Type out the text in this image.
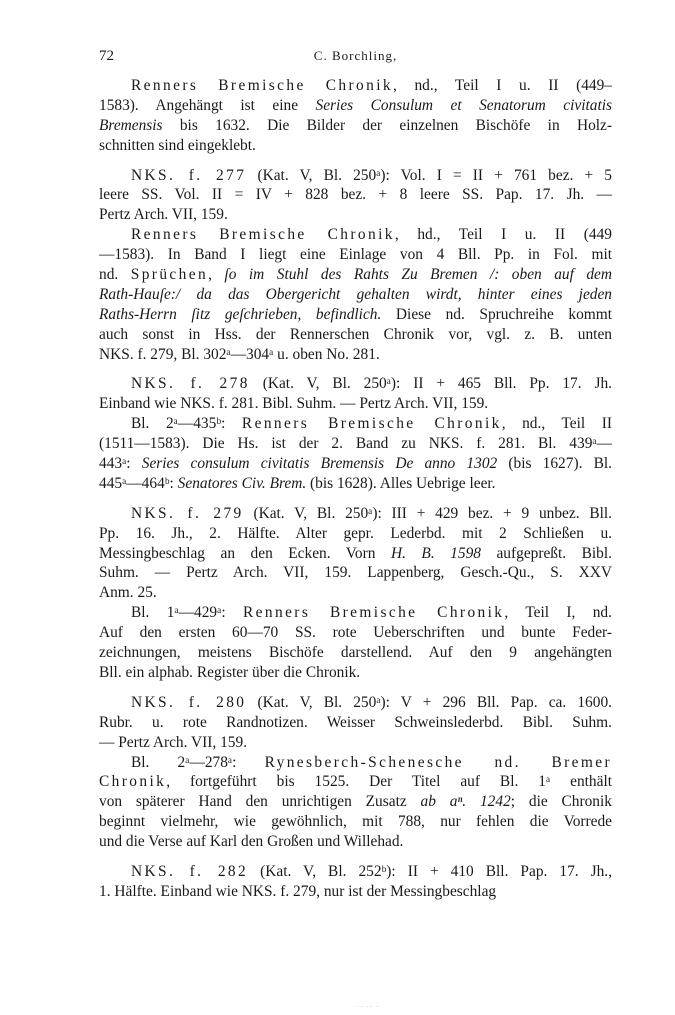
72	C. Borchling,
Renners Bremische Chronik, nd., Teil I u. II (449–
1583). Angehängt ist eine Series Consulum et Senatorum civitatis
Bremensis bis 1632. Die Bilder der einzelnen Bischöfe in Holz-
schnitten sind eingeklebt.
NKS. f. 277 (Kat. V, Bl. 250ᵃ): Vol. I = II + 761 bez. + 5
leere SS. Vol. II = IV + 828 bez. + 8 leere SS. Pap. 17. Jh. —
Pertz Arch. VII, 159.
Renners Bremische Chronik, hd., Teil I u. II (449
—1583). In Band I liegt eine Einlage von 4 Bll. Pp. in Fol. mit
nd. Sprüchen, ſo im Stuhl des Rahts Zu Bremen /: oben auf dem
Rath-Hauſe:/ da das Obergericht gehalten wirdt, hinter eines jeden
Raths-Herrn ſitz geſchrieben, befindlich. Diese nd. Spruchreihe kommt
auch sonst in Hss. der Rennerschen Chronik vor, vgl. z. B. unten
NKS. f. 279, Bl. 302ᵃ—304ᵃ u. oben No. 281.
NKS. f. 278 (Kat. V, Bl. 250ᵃ): II + 465 Bll. Pp. 17. Jh.
Einband wie NKS. f. 281. Bibl. Suhm. — Pertz Arch. VII, 159.
Bl. 2ᵃ—435ᵇ: Renners Bremische Chronik, nd., Teil II
(1511—1583). Die Hs. ist der 2. Band zu NKS. f. 281. Bl. 439ᵃ—
443ᵃ: Series consulum civitatis Bremensis De anno 1302 (bis 1627). Bl.
445ᵃ—464ᵇ: Senatores Civ. Brem. (bis 1628). Alles Uebrige leer.
NKS. f. 279 (Kat. V, Bl. 250ᵃ): III + 429 bez. + 9 unbez. Bll.
Pp. 16. Jh., 2. Hälfte. Alter gepr. Lederbd. mit 2 Schließen u.
Messingbeschlag an den Ecken. Vorn H. B. 1598 aufgepreßt. Bibl.
Suhm. — Pertz Arch. VII, 159. Lappenberg, Gesch.-Qu., S. XXV
Anm. 25.
Bl. 1ᵃ—429ᵃ: Renners Bremische Chronik, Teil I, nd.
Auf den ersten 60—70 SS. rote Ueberschriften und bunte Feder-
zeichnungen, meistens Bischöfe darstellend. Auf den 9 angehängten
Bll. ein alphab. Register über die Chronik.
NKS. f. 280 (Kat. V, Bl. 250ᵃ): V + 296 Bll. Pap. ca. 1600.
Rubr. u. rote Randnotizen. Weisser Schweinslederbd. Bibl. Suhm.
— Pertz Arch. VII, 159.
Bl. 2ᵃ—278ᵃ: Rynesberch-Schenesche nd. Bremer
Chronik, fortgeführt bis 1525. Der Titel auf Bl. 1ᵃ enthält
von späterer Hand den unrichtigen Zusatz ab aⁿ. 1242; die Chronik
beginnt vielmehr, wie gewöhnlich, mit 788, nur fehlen die Vorrede
und die Verse auf Karl den Großen und Willehad.
NKS. f. 282 (Kat. V, Bl. 252ᵇ): II + 410 Bll. Pap. 17. Jh.,
1. Hälfte. Einband wie NKS. f. 279, nur ist der Messingbeschlag
·· ·· ·
